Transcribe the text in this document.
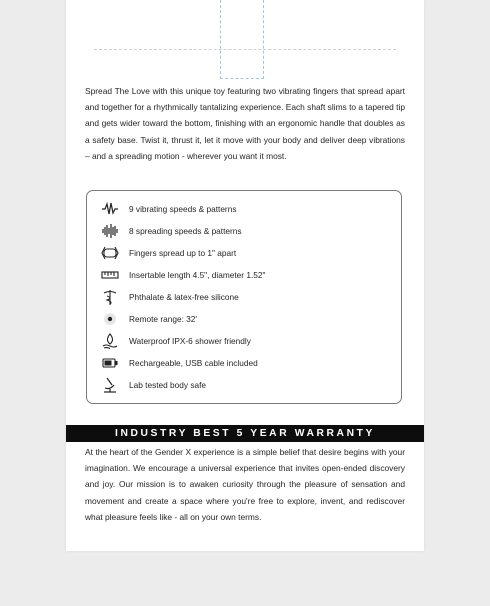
Spread The Love with this unique toy featuring two vibrating fingers that spread apart and together for a rhythmically tantalizing experience. Each shaft slims to a tapered tip and gets wider toward the bottom, finishing with an ergonomic handle that doubles as a safety base. Twist it, thrust it, let it move with your body and deliver deep vibrations – and a spreading motion - wherever you want it most.

9 vibrating speeds & patterns
8 spreading speeds & patterns
Fingers spread up to 1" apart
Insertable length 4.5", diameter 1.52"
Phthalate & latex-free silicone
Remote range: 32'
Waterproof IPX-6 shower friendly
Rechargeable, USB cable included
Lab tested body safe
INDUSTRY BEST 5 YEAR WARRANTY

At the heart of the Gender X experience is a simple belief that desire begins with your imagination. We encourage a universal experience that invites open-ended discovery and joy. Our mission is to awaken curiosity through the pleasure of sensation and movement and create a space where you're free to explore, invent, and rediscover what pleasure feels like - all on your own terms.
